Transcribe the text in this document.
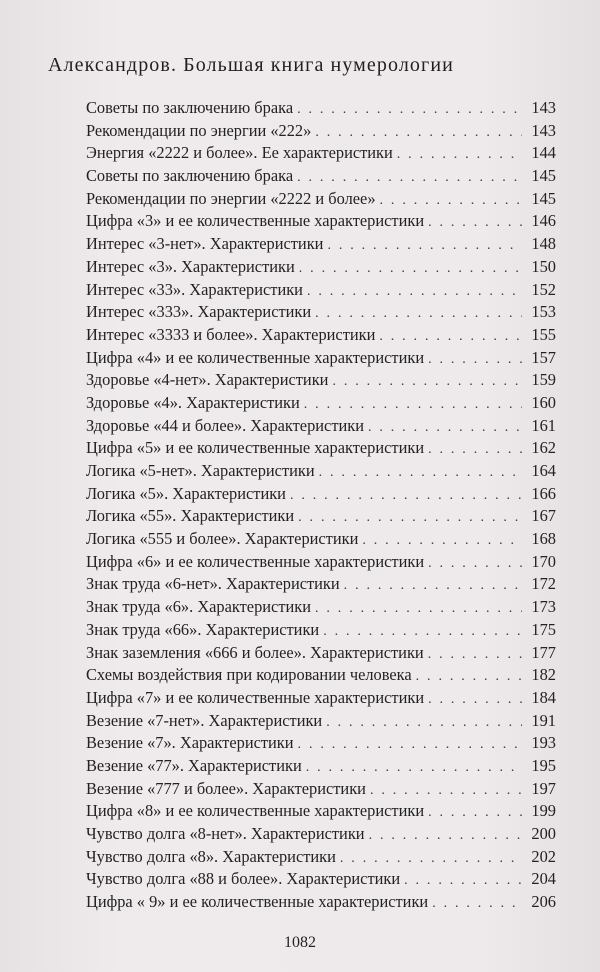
Александров. Большая книга нумерологии
Советы по заключению брака . . .	143
Рекомендации по энергии «222» . . .	143
Энергия «2222 и более». Ее характеристики . . .	144
Советы по заключению брака . . .	145
Рекомендации по энергии «2222 и более» . . .	145
Цифра «3» и ее количественные характеристики . . .	146
Интерес «3-нет». Характеристики . . .	148
Интерес «3». Характеристики . . .	150
Интерес «33». Характеристики . . .	152
Интерес «333». Характеристики . . .	153
Интерес «3333 и более». Характеристики . . .	155
Цифра «4» и ее количественные характеристики . . .	157
Здоровье «4-нет». Характеристики . . .	159
Здоровье «4». Характеристики . . .	160
Здоровье «44 и более». Характеристики . . .	161
Цифра «5» и ее количественные характеристики . . .	162
Логика «5-нет». Характеристики . . .	164
Логика «5». Характеристики . . .	166
Логика «55». Характеристики . . .	167
Логика «555 и более». Характеристики . . .	168
Цифра «6» и ее количественные характеристики . . .	170
Знак труда «6-нет». Характеристики . . .	172
Знак труда «6». Характеристики . . .	173
Знак труда «66». Характеристики . . .	175
Знак заземления «666 и более». Характеристики . . .	177
Схемы воздействия при кодировании человека . . .	182
Цифра «7» и ее количественные характеристики . . .	184
Везение «7-нет». Характеристики . . .	191
Везение «7». Характеристики . . .	193
Везение «77». Характеристики . . .	195
Везение «777 и более». Характеристики . . .	197
Цифра «8» и ее количественные характеристики . . .	199
Чувство долга «8-нет». Характеристики . . .	200
Чувство долга «8». Характеристики . . .	202
Чувство долга «88 и более». Характеристики . . .	204
Цифра « 9» и ее количественные характеристики . . .	206
1082
